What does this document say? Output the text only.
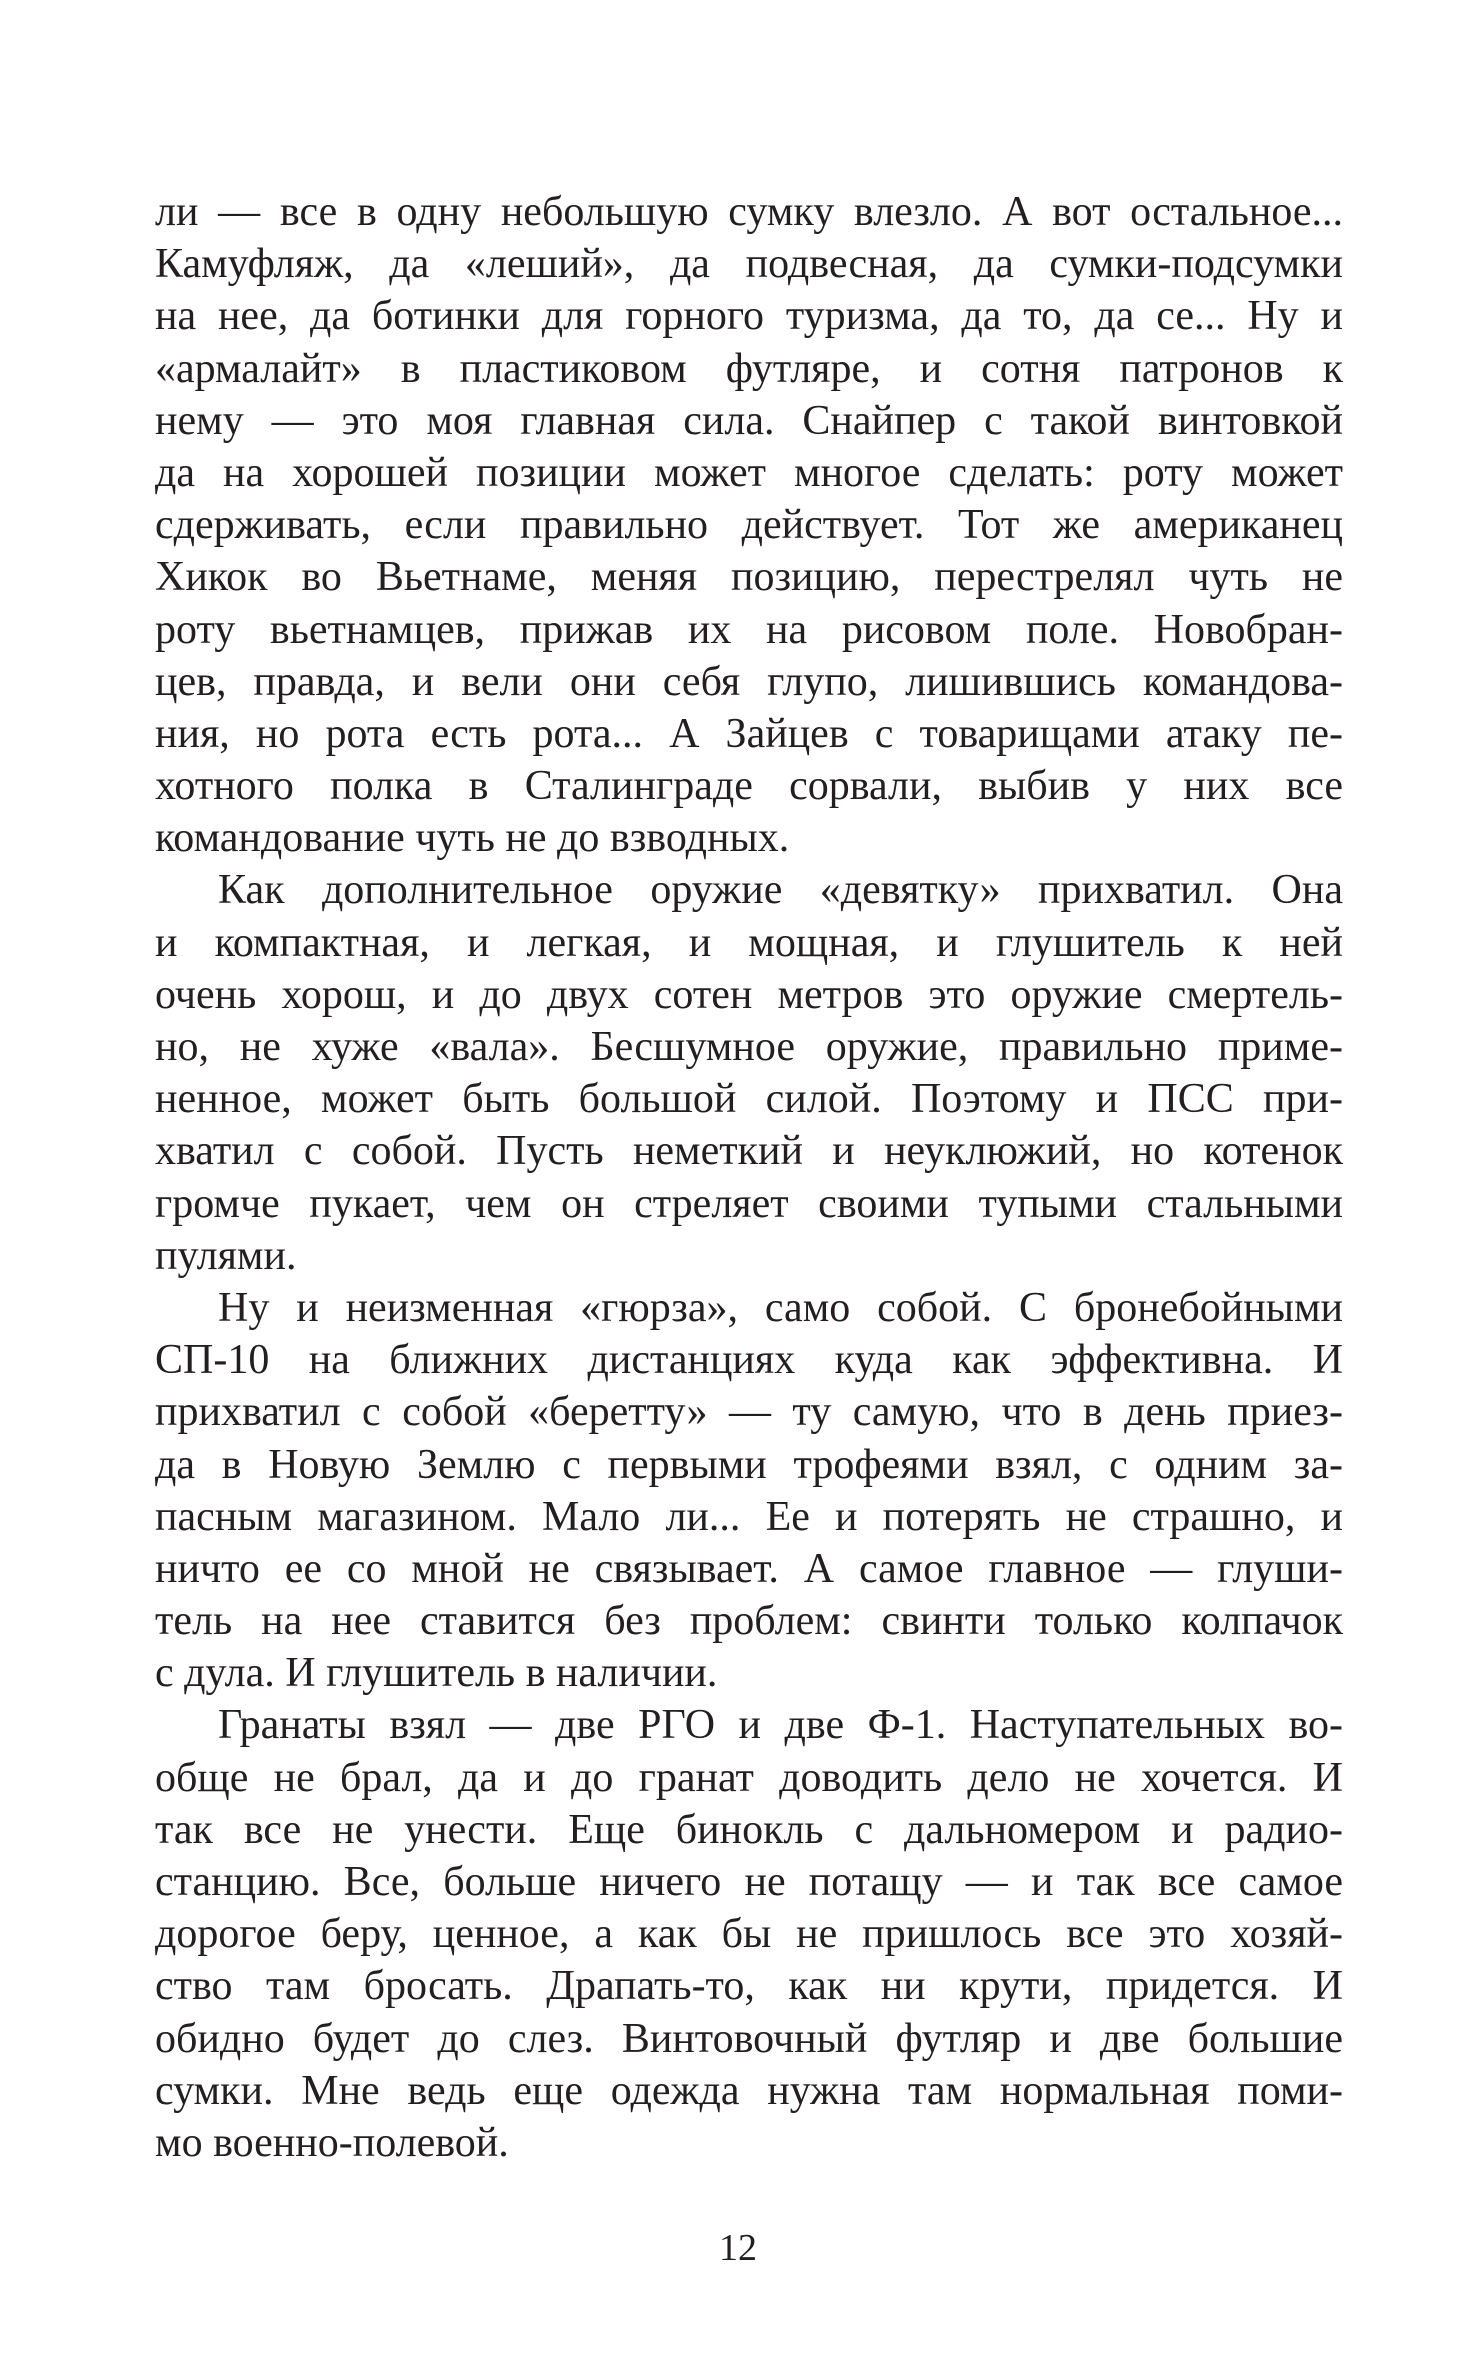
ли — все в одну небольшую сумку влезло. А вот остальное...
Камуфляж, да «леший», да подвесная, да сумки-подсумки
на нее, да ботинки для горного туризма, да то, да се... Ну и
«армалайт» в пластиковом футляре, и сотня патронов к
нему — это моя главная сила. Снайпер с такой винтовкой
да на хорошей позиции может многое сделать: роту может
сдерживать, если правильно действует. Тот же американец
Хикок во Вьетнаме, меняя позицию, перестрелял чуть не
роту вьетнамцев, прижав их на рисовом поле. Новобран-
цев, правда, и вели они себя глупо, лишившись командова-
ния, но рота есть рота... А Зайцев с товарищами атаку пе-
хотного полка в Сталинграде сорвали, выбив у них все
командование чуть не до взводных.

Как дополнительное оружие «девятку» прихватил. Она
и компактная, и легкая, и мощная, и глушитель к ней
очень хорош, и до двух сотен метров это оружие смертель-
но, не хуже «вала». Бесшумное оружие, правильно приме-
ненное, может быть большой силой. Поэтому и ПСС при-
хватил с собой. Пусть неметкий и неуклюжий, но котенок
громче пукает, чем он стреляет своими тупыми стальными
пулями.

Ну и неизменная «гюрза», само собой. С бронебойными
СП-10 на ближних дистанциях куда как эффективна. И
прихватил с собой «беретту» — ту самую, что в день приез-
да в Новую Землю с первыми трофеями взял, с одним за-
пасным магазином. Мало ли... Ее и потерять не страшно, и
ничто ее со мной не связывает. А самое главное — глуши-
тель на нее ставится без проблем: свинти только колпачок
с дула. И глушитель в наличии.

Гранаты взял — две РГО и две Ф-1. Наступательных во-
обще не брал, да и до гранат доводить дело не хочется. И
так все не унести. Еще бинокль с дальномером и радио-
станцию. Все, больше ничего не потащу — и так все самое
дорогое беру, ценное, а как бы не пришлось все это хозяй-
ство там бросать. Драпать-то, как ни крути, придется. И
обидно будет до слез. Винтовочный футляр и две большие
сумки. Мне ведь еще одежда нужна там нормальная поми-
мо военно-полевой.

12
